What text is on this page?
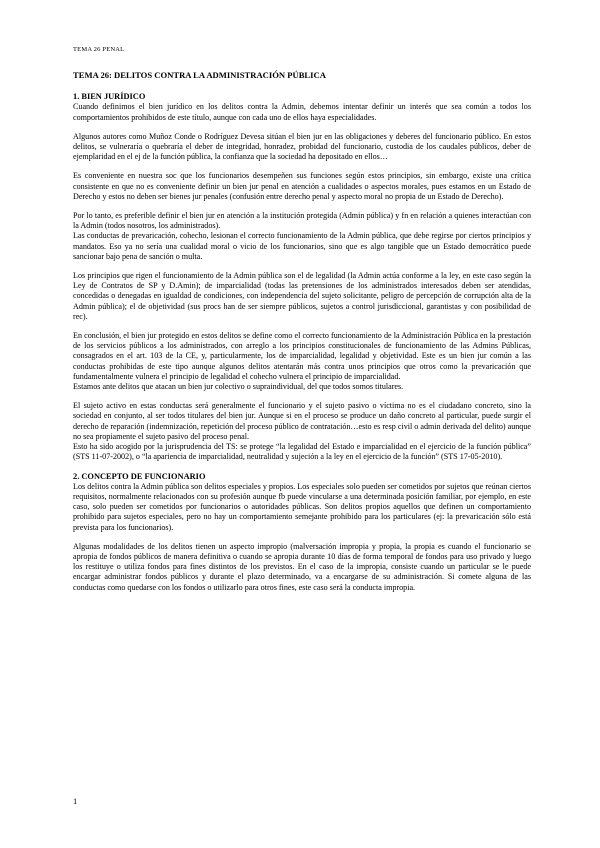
TEMA 26 PENAL

TEMA 26: DELITOS CONTRA LA ADMINISTRACIÓN PÚBLICA

1. BIEN JURÍDICO

Cuando definimos el bien jurídico en los delitos contra la Admin, debemos intentar definir un interés que sea común a todos los comportamientos prohibidos de este título, aunque con cada uno de ellos haya especialidades.

Algunos autores como Muñoz Conde o Rodríguez Devesa sitúan el bien jur en las obligaciones y deberes del funcionario público. En estos delitos, se vulneraría o quebraría el deber de integridad, honradez, probidad del funcionario, custodia de los caudales públicos, deber de ejemplaridad en el ej de la función pública, la confianza que la sociedad ha depositado en ellos…

Es conveniente en nuestra soc que los funcionarios desempeñen sus funciones según estos principios, sin embargo, existe una crítica consistente en que no es conveniente definir un bien jur penal en atención a cualidades o aspectos morales, pues estamos en un Estado de Derecho y estos no deben ser bienes jur penales (confusión entre derecho penal y aspecto moral no propia de un Estado de Derecho).

Por lo tanto, es preferible definir el bien jur en atención a la institución protegida (Admin pública) y fn en relación a quienes interactúan con la Admin (todos nosotros, los administrados).

Las conductas de prevaricación, cohecho, lesionan el correcto funcionamiento de la Admin pública, que debe regirse por ciertos principios y mandatos. Eso ya no sería una cualidad moral o vicio de los funcionarios, sino que es algo tangible que un Estado democrático puede sancionar bajo pena de sanción o multa.

Los principios que rigen el funcionamiento de la Admin pública son el de legalidad (la Admin actúa conforme a la ley, en este caso según la Ley de Contratos de SP y D.Amin); de imparcialidad (todas las pretensiones de los administrados interesados deben ser atendidas, concedidas o denegadas en igualdad de condiciones, con independencia del sujeto solicitante, peligro de percepción de corrupción alta de la Admin pública); el de objetividad (sus procs han de ser siempre públicos, sujetos a control jurisdiccional, garantistas y con posibilidad de rec).

En conclusión, el bien jur protegido en estos delitos se define como el correcto funcionamiento de la Administración Pública en la prestación de los servicios públicos a los administrados, con arreglo a los principios constitucionales de funcionamiento de las Admins Públicas, consagrados en el art. 103 de la CE, y, particularmente, los de imparcialidad, legalidad y objetividad. Este es un bien jur común a las conductas prohibidas de este tipo aunque algunos delitos atentarán más contra unos principios que otros como la prevaricación que fundamentalmente vulnera el principio de legalidad el cohecho vulnera el principio de imparcialidad.

Estamos ante delitos que atacan un bien jur colectivo o supraindividual, del que todos somos titulares.

El sujeto activo en estas conductas será generalmente el funcionario y el sujeto pasivo o víctima no es el ciudadano concreto, sino la sociedad en conjunto, al ser todos titulares del bien jur. Aunque si en el proceso se produce un daño concreto al particular, puede surgir el derecho de reparación (indemnización, repetición del proceso público de contratación…esto es resp civil o admin derivada del delito) aunque no sea propiamente el sujeto pasivo del proceso penal.

Esto ha sido acogido por la jurisprudencia del TS: se protege “la legalidad del Estado e imparcialidad en el ejercicio de la función pública” (STS 11-07-2002), o “la apariencia de imparcialidad, neutralidad y sujeción a la ley en el ejercicio de la función” (STS 17-05-2010).

2. CONCEPTO DE FUNCIONARIO

Los delitos contra la Admin pública son delitos especiales y propios. Los especiales solo pueden ser cometidos por sujetos que reúnan ciertos requisitos, normalmente relacionados con su profesión aunque fb puede vincularse a una determinada posición familiar, por ejemplo, en este caso, solo pueden ser cometidos por funcionarios o autoridades públicas. Son delitos propios aquellos que definen un comportamiento prohibido para sujetos especiales, pero no hay un comportamiento semejante prohibido para los particulares (ej: la prevaricación sólo está prevista para los funcionarios).

Algunas modalidades de los delitos tienen un aspecto impropio (malversación impropia y propia, la propia es cuando el funcionario se apropia de fondos públicos de manera definitiva o cuando se apropia durante 10 días de forma temporal de fondos para uso privado y luego los restituye o utiliza fondos para fines distintos de los previstos. En el caso de la impropia, consiste cuando un particular se le puede encargar administrar fondos públicos y durante el plazo determinado, va a encargarse de su administración. Si comete alguna de las conductas como quedarse con los fondos o utilizarlo para otros fines, este caso será la conducta impropia.

1
